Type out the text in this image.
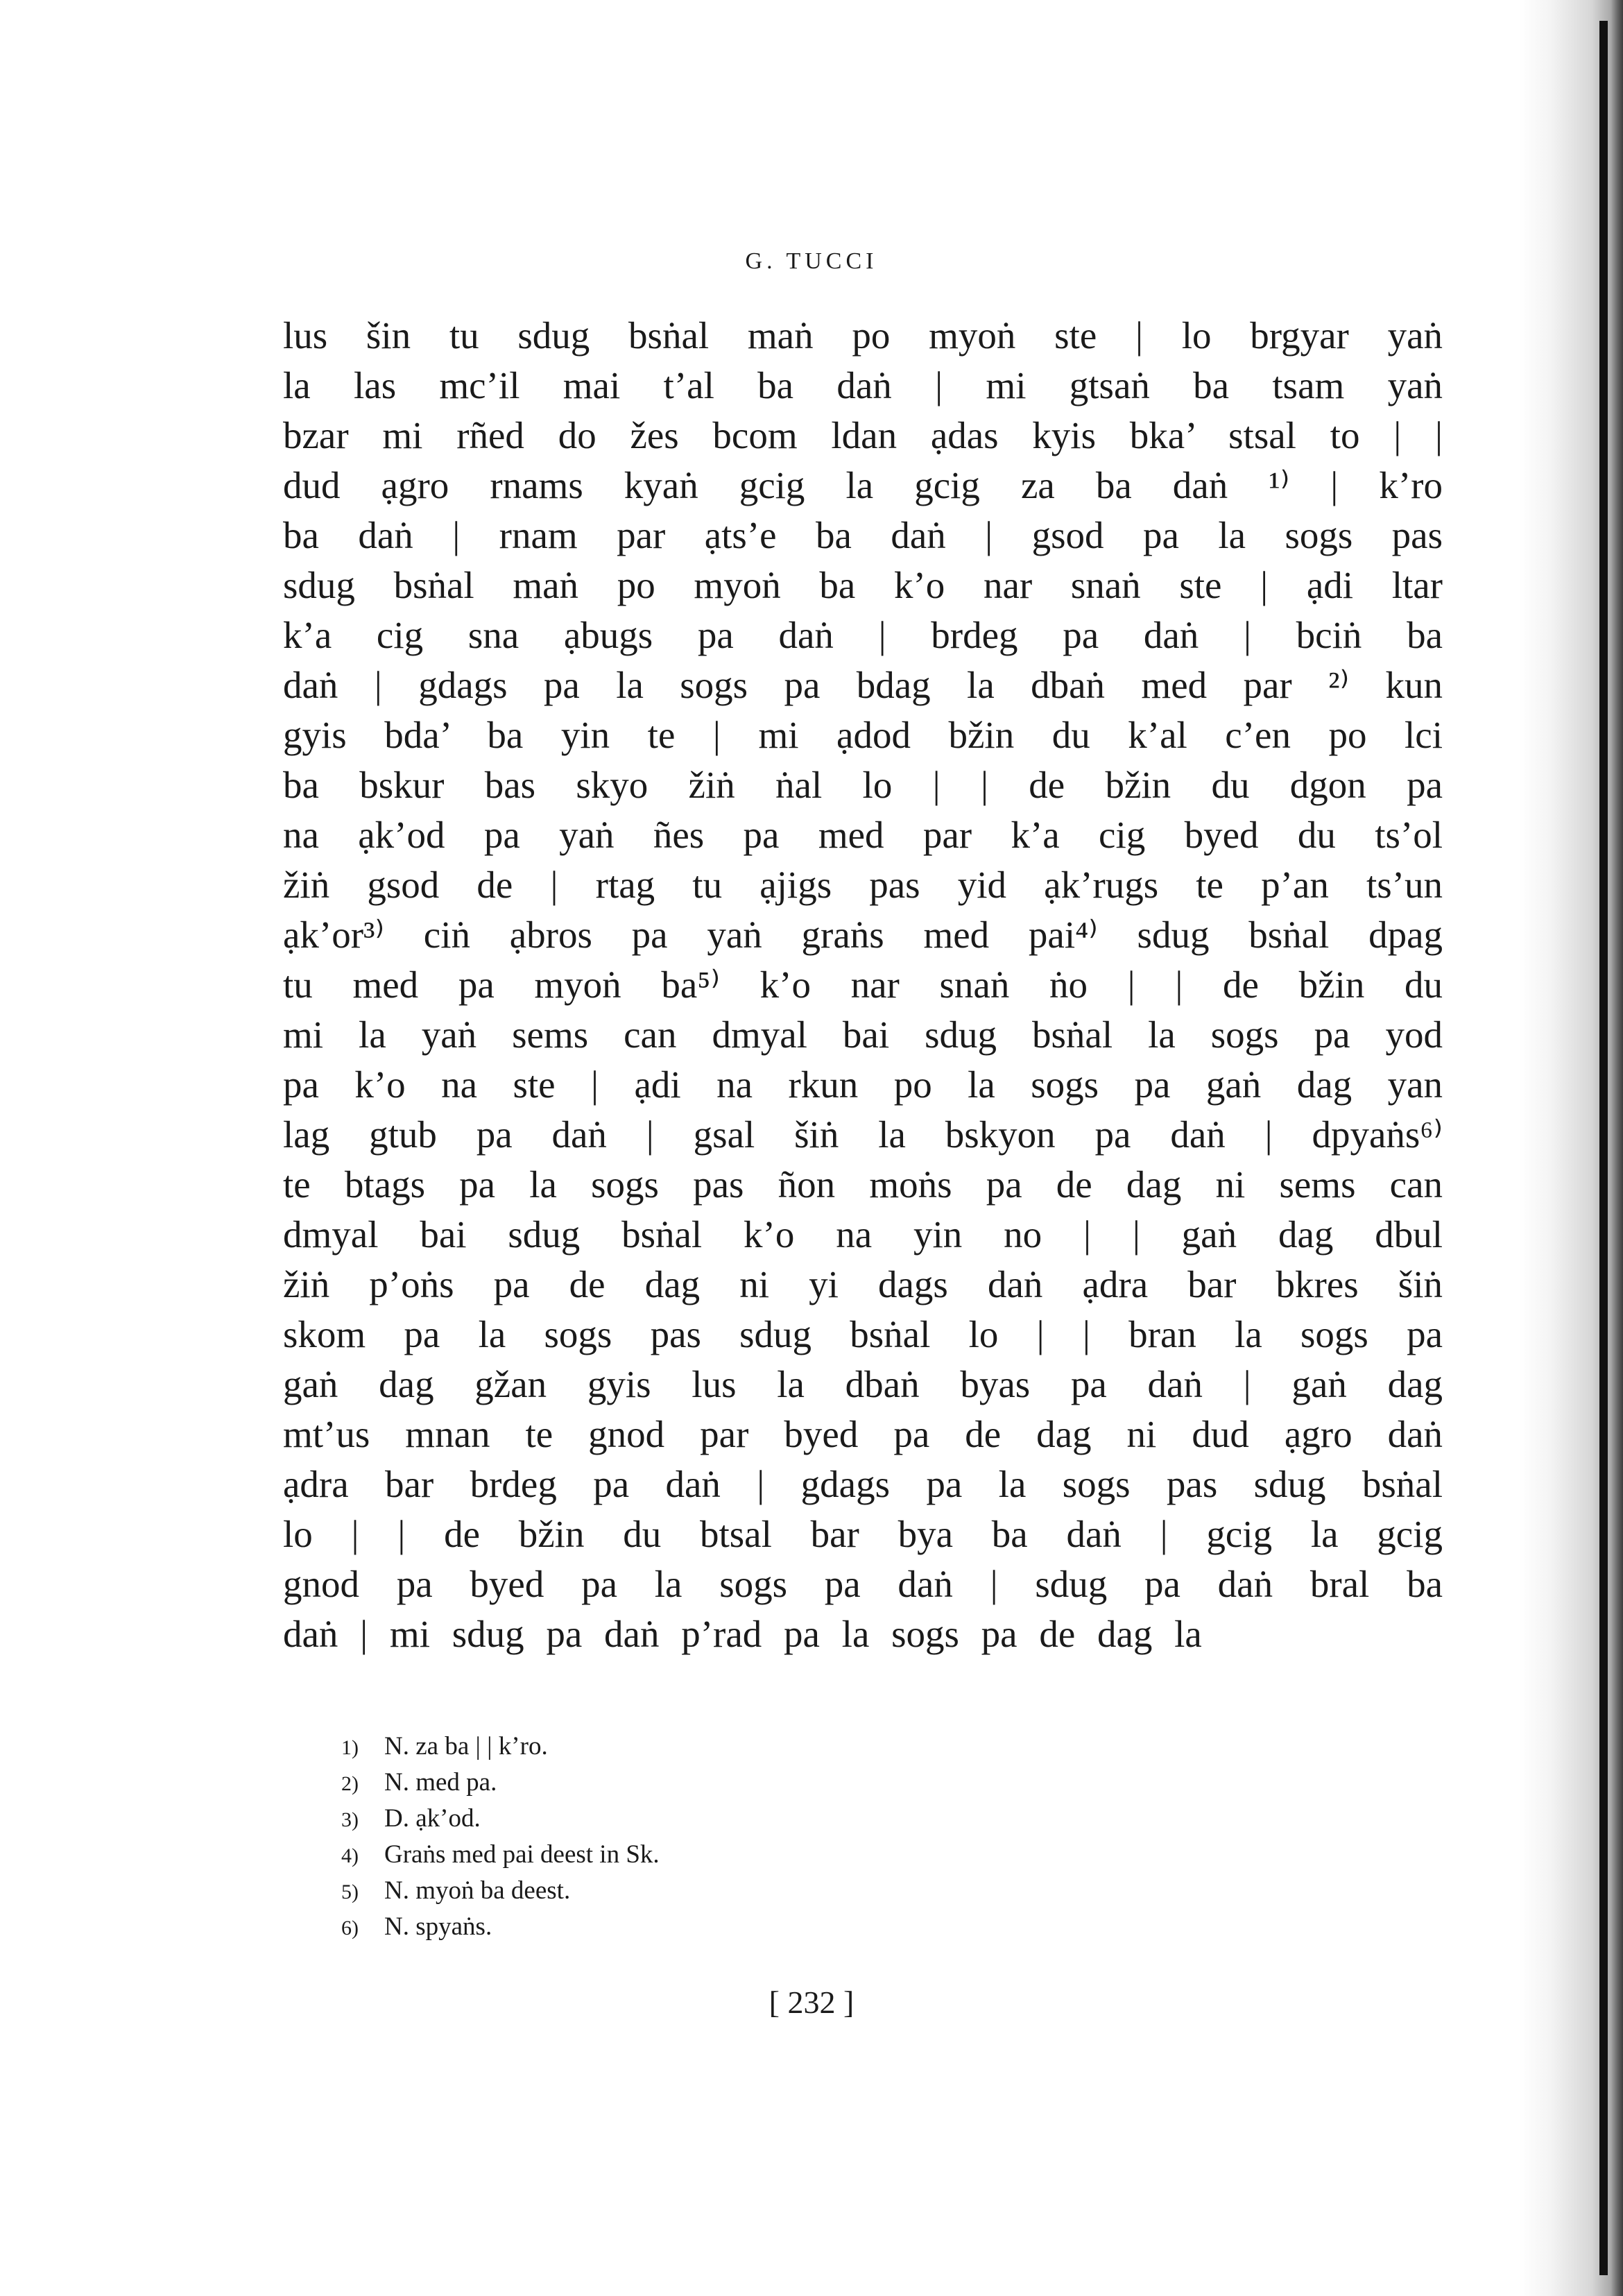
G. TUCCI
lus šin tu sdug bsṅal maṅ po myoṅ ste | lo brgyar yaṅ
la las mc’il mai t’al ba daṅ | mi gtsaṅ ba tsam yaṅ
bzar mi rñed do žes bcom ldan ạdas kyis bka’ stsal to | |
dud ạgro rnams kyaṅ gcig la gcig za ba daṅ ¹⁾ | k’ro
ba daṅ | rnam par ạts’e ba daṅ | gsod pa la sogs pas
sdug bsṅal maṅ po myoṅ ba k’o nar snaṅ ste | ạdi ltar
k’a cig sna ạbugs pa daṅ | brdeg pa daṅ | bciṅ ba
daṅ | gdags pa la sogs pa bdag la dbaṅ med par ²⁾ kun
gyis bda’ ba yin te | mi ạdod bžin du k’al c’en po lci
ba bskur bas skyo žiṅ ṅal lo | | de bžin du dgon pa
na ạk’od pa yaṅ ñes pa med par k’a cig byed du ts’ol
žiṅ gsod de | rtag tu ạjigs pas yid ạk’rugs te p’an ts’un
ạk’or³⁾ ciṅ ạbros pa yaṅ graṅs med pai⁴⁾ sdug bsṅal dpag
tu med pa myoṅ ba⁵⁾ k’o nar snaṅ ṅo | | de bžin du
mi la yaṅ sems can dmyal bai sdug bsṅal la sogs pa yod
pa k’o na ste | ạdi na rkun po la sogs pa gaṅ dag yan
lag gtub pa daṅ | gsal šiṅ la bskyon pa daṅ | dpyaṅs⁶⁾
te btags pa la sogs pas ñon moṅs pa de dag ni sems can
dmyal bai sdug bsṅal k’o na yin no | | gaṅ dag dbul
žiṅ p’oṅs pa de dag ni yi dags daṅ ạdra bar bkres šiṅ
skom pa la sogs pas sdug bsṅal lo | | bran la sogs pa
gaṅ dag gžan gyis lus la dbaṅ byas pa daṅ | gaṅ dag
mt’us mnan te gnod par byed pa de dag ni dud ạgro daṅ
ạdra bar brdeg pa daṅ | gdags pa la sogs pas sdug bsṅal
lo | | de bžin du btsal bar bya ba daṅ | gcig la gcig
gnod pa byed pa la sogs pa daṅ | sdug pa daṅ bral ba
daṅ | mi sdug pa daṅ p’rad pa la sogs pa de dag la
1) N. za ba | | k’ro.
2) N. med pa.
3) D. ạk’od.
4) Graṅs med pai deest in Sk.
5) N. myoṅ ba deest.
6) N. spyaṅs.
[ 232 ]
